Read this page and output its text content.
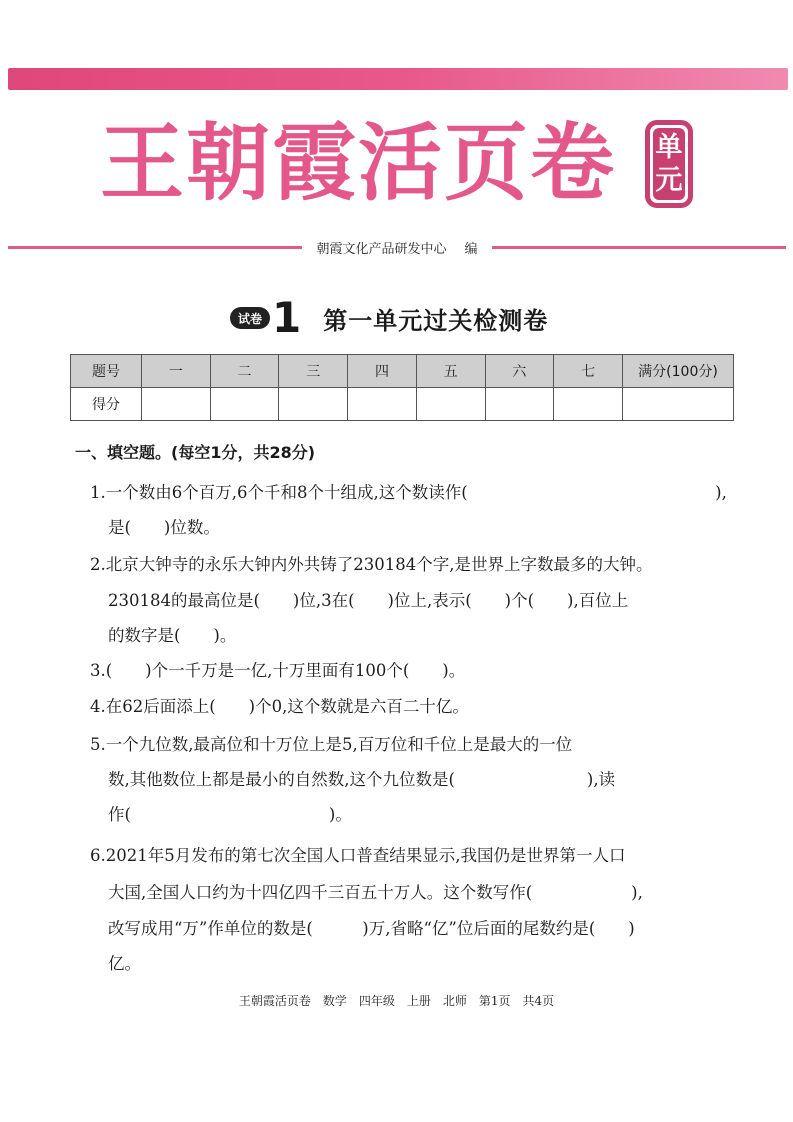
王朝霞活页卷	单
元
朝霞文化产品研发中心 编
试卷 1 第一单元过关检测卷
题号	一	二	三	四	五	六	七	满分(100分)
得分								
一、填空题。(每空1分，共28分)
1.一个数由6个百万,6个千和8个十组成,这个数读作(　　　　　　　　　　　　　　　),
是(　　)位数。
2.北京大钟寺的永乐大钟内外共铸了230184个字,是世界上字数最多的大钟。
230184的最高位是(　　)位,3在(　　)位上,表示(　　)个(　　),百位上
的数字是(　　)。
3.(　　)个一千万是一亿,十万里面有100个(　　)。
4.在62后面添上(　　)个0,这个数就是六百二十亿。
5.一个九位数,最高位和十万位上是5,百万位和千位上是最大的一位
数,其他数位上都是最小的自然数,这个九位数是(　　　　　　　　),读
作(　　　　　　　　　　　　)。
6.2021年5月发布的第七次全国人口普查结果显示,我国仍是世界第一人口
大国,全国人口约为十四亿四千三百五十万人。这个数写作(　　　　　　),
改写成用“万”作单位的数是(　　　)万,省略“亿”位后面的尾数约是(　　)
亿。
王朝霞活页卷　数学　四年级　上册　北师　第1页　共4页
